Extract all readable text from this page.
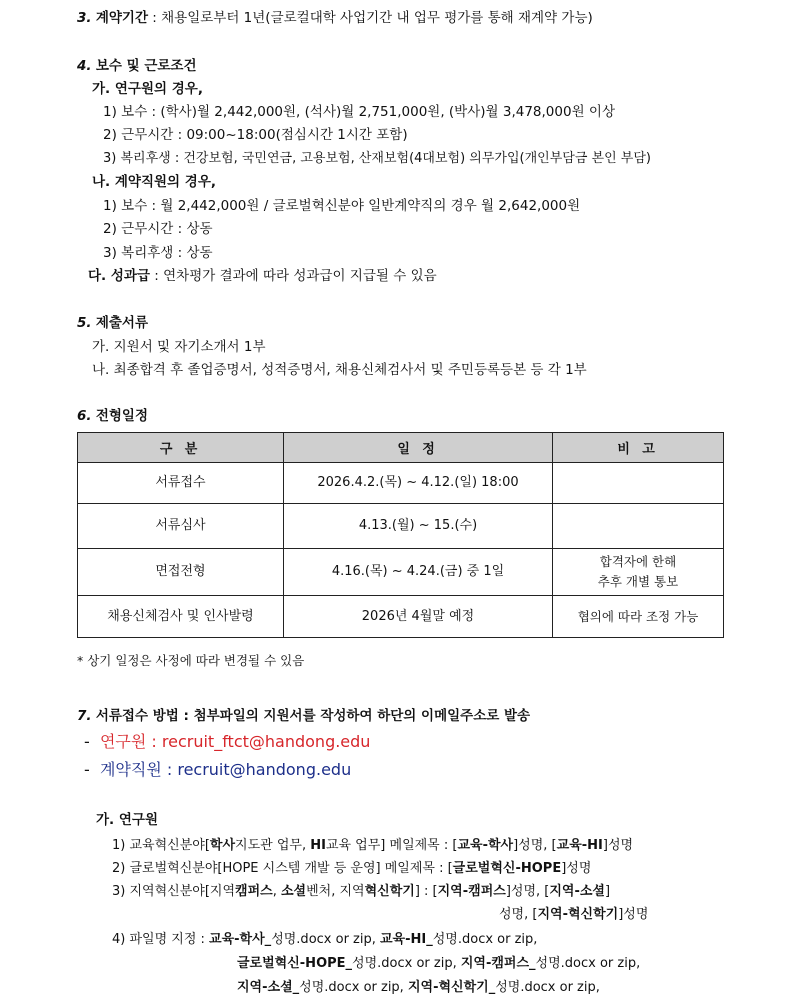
3. 계약기간 : 채용일로부터 1년(글로컬대학 사업기간 내 업무 평가를 통해 재계약 가능)
4. 보수 및 근로조건
가. 연구원의 경우,
1) 보수 : (학사)월 2,442,000원, (석사)월 2,751,000원, (박사)월 3,478,000원 이상
2) 근무시간 : 09:00~18:00(점심시간 1시간 포함)
3) 복리후생 : 건강보험, 국민연금, 고용보험, 산재보험(4대보험) 의무가입(개인부담금 본인 부담)
나. 계약직원의 경우,
1) 보수 : 월 2,442,000원 / 글로벌혁신분야 일반계약직의 경우 월 2,642,000원
2) 근무시간 : 상동
3) 복리후생 : 상동
다. 성과급 : 연차평가 결과에 따라 성과급이 지급될 수 있음
5. 제출서류
가. 지원서 및 자기소개서 1부
나. 최종합격 후 졸업증명서, 성적증명서, 채용신체검사서 및 주민등록등본 등 각 1부
6. 전형일정
구 분	일 정	비 고
서류접수	2026.4.2.(목) ~ 4.12.(일) 18:00	
서류심사	4.13.(월) ~ 15.(수)	
면접전형	4.16.(목) ~ 4.24.(금) 중 1일	합격자에 한해
추후 개별 통보

채용신체검사 및 인사발령	2026년 4월말 예정	협의에 따라 조정 가능
* 상기 일정은 사정에 따라 변경될 수 있음
7. 서류접수 방법 : 첨부파일의 지원서를 작성하여 하단의 이메일주소로 발송
- 연구원 : recruit_ftct@handong.edu
- 계약직원 : recruit@handong.edu
가. 연구원
1) 교육혁신분야[학사지도관 업무, HI교육 업무] 메일제목 : [교육-학사]성명, [교육-HI]성명
2) 글로벌혁신분야[HOPE 시스템 개발 등 운영] 메일제목 : [글로벌혁신-HOPE]성명
3) 지역혁신분야[지역캠퍼스, 소셜벤처, 지역혁신학기] : [지역-캠퍼스]성명, [지역-소셜]
성명, [지역-혁신학기]성명
4) 파일명 지정 : 교육-학사_성명.docx or zip, 교육-HI_성명.docx or zip,
글로벌혁신-HOPE_성명.docx or zip, 지역-캠퍼스_성명.docx or zip,
지역-소셜_성명.docx or zip, 지역-혁신학기_성명.docx or zip,
